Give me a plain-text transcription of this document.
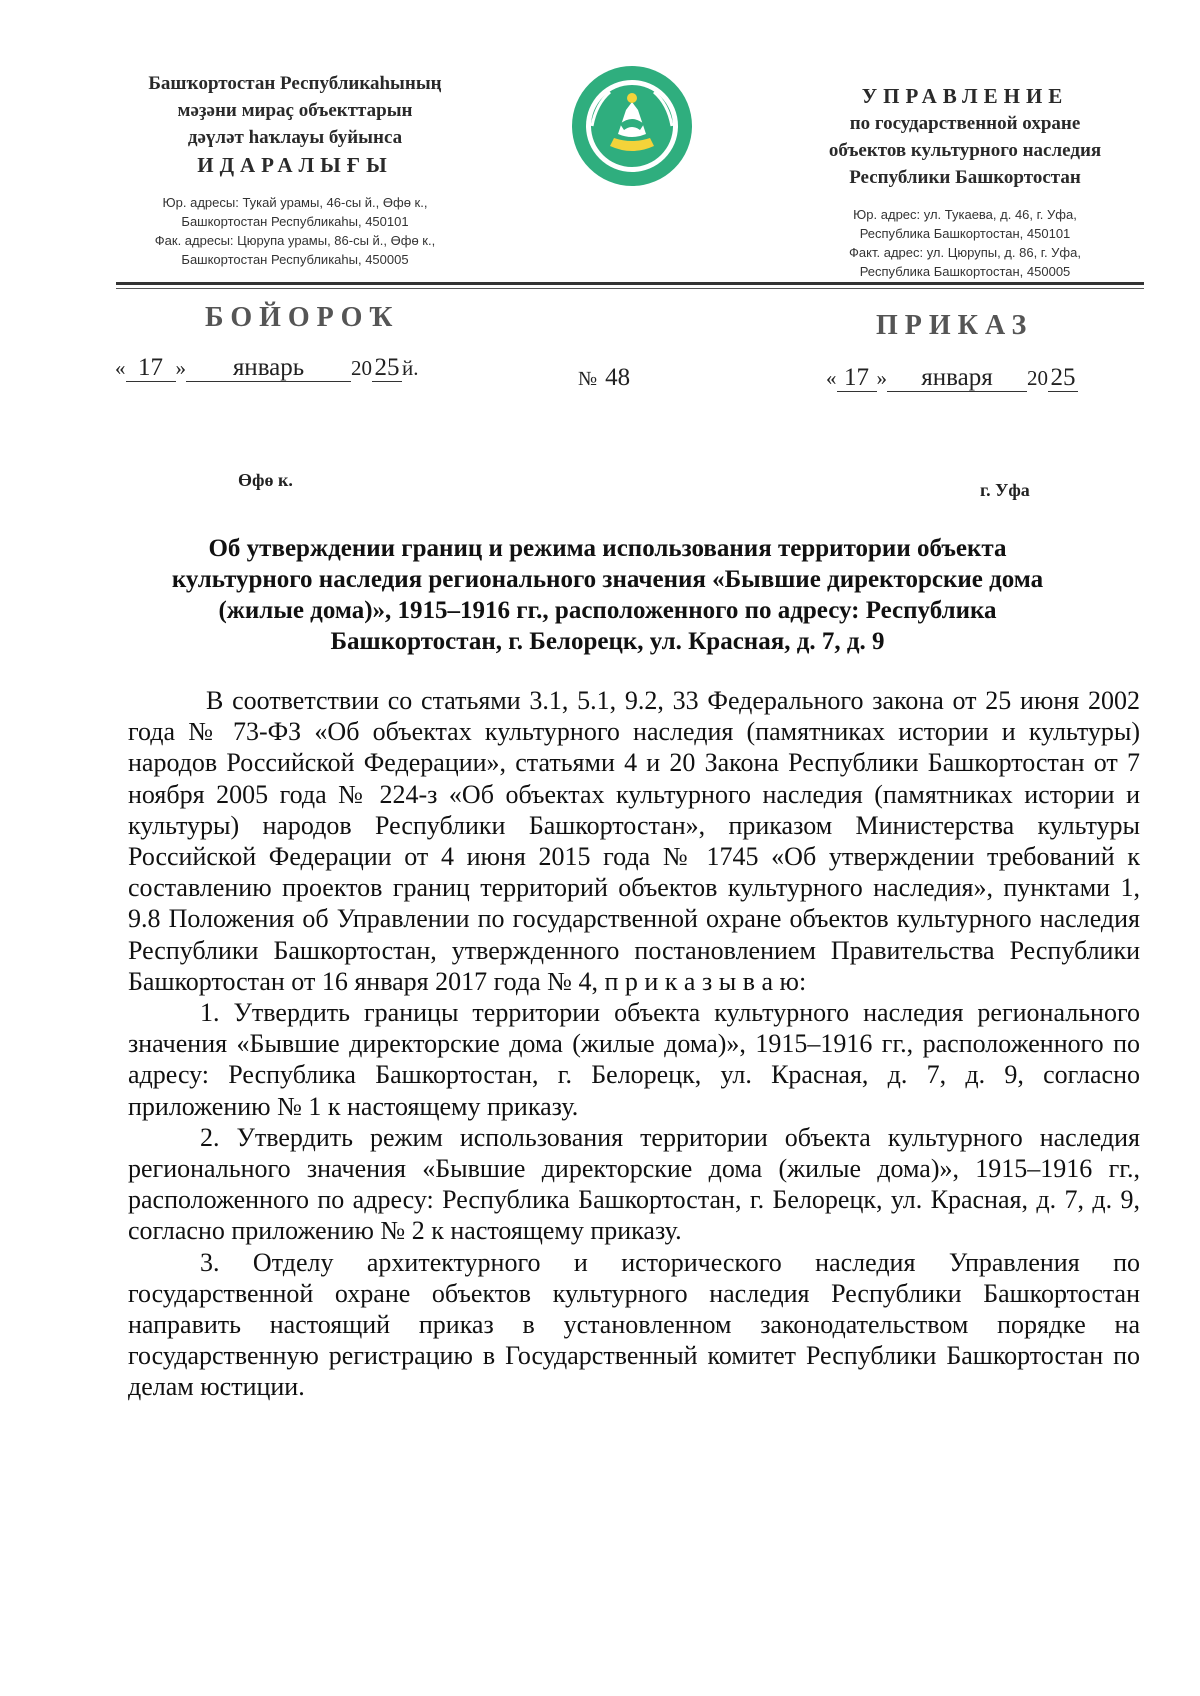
Башҡортостан Республикаһының
мәҙәни мираҫ объекттарын
дәүләт һаҡлауы буйынса
ИДАРАЛЫҒЫ
Юр. адресы: Тукай урамы, 46-сы й., Өфө к.,
Башкортостан Республикаһы, 450101
Фак. адресы: Цюрупа урамы, 86-сы й., Өфө к.,
Башкортостан Республикаһы, 450005
УПРАВЛЕНИЕ
по государственной охране
объектов культурного наследия
Республики Башкортостан
Юр. адрес: ул. Тукаева, д. 46, г. Уфа,
Республика Башкортостан, 450101
Факт. адрес: ул. Цюрупы, д. 86, г. Уфа,
Республика Башкортостан, 450005
БОЙОРОҠ	ПРИКАЗ
« 17 » январь 20 25 й.	№ 48	« 17 » января 20 25
Өфө к.	г. Уфа
Об утверждении границ и режима использования территории объекта культурного наследия регионального значения «Бывшие директорские дома (жилые дома)», 1915–1916 гг., расположенного по адресу: Республика Башкортостан, г. Белорецк, ул. Красная, д. 7, д. 9

В соответствии со статьями 3.1, 5.1, 9.2, 33 Федерального закона от 25 июня 2002 года № 73-ФЗ «Об объектах культурного наследия (памятниках истории и культуры) народов Российской Федерации», статьями 4 и 20 Закона Республики Башкортостан от 7 ноября 2005 года № 224-з «Об объектах культурного наследия (памятниках истории и культуры) народов Республики Башкортостан», приказом Министерства культуры Российской Федерации от 4 июня 2015 года № 1745 «Об утверждении требований к составлению проектов границ территорий объектов культурного наследия», пунктами 1, 9.8 Положения об Управлении по государственной охране объектов культурного наследия Республики Башкортостан, утвержденного постановлением Правительства Республики Башкортостан от 16 января 2017 года № 4, п р и к а з ы в а ю:

1. Утвердить границы территории объекта культурного наследия регионального значения «Бывшие директорские дома (жилые дома)», 1915–1916 гг., расположенного по адресу: Республика Башкортостан, г. Белорецк, ул. Красная, д. 7, д. 9, согласно приложению № 1 к настоящему приказу.

2. Утвердить режим использования территории объекта культурного наследия регионального значения «Бывшие директорские дома (жилые дома)», 1915–1916 гг., расположенного по адресу: Республика Башкортостан, г. Белорецк, ул. Красная, д. 7, д. 9, согласно приложению № 2 к настоящему приказу.

3. Отделу архитектурного и исторического наследия Управления по государственной охране объектов культурного наследия Республики Башкортостан направить настоящий приказ в установленном законодательством порядке на государственную регистрацию в Государственный комитет Республики Башкортостан по делам юстиции.
